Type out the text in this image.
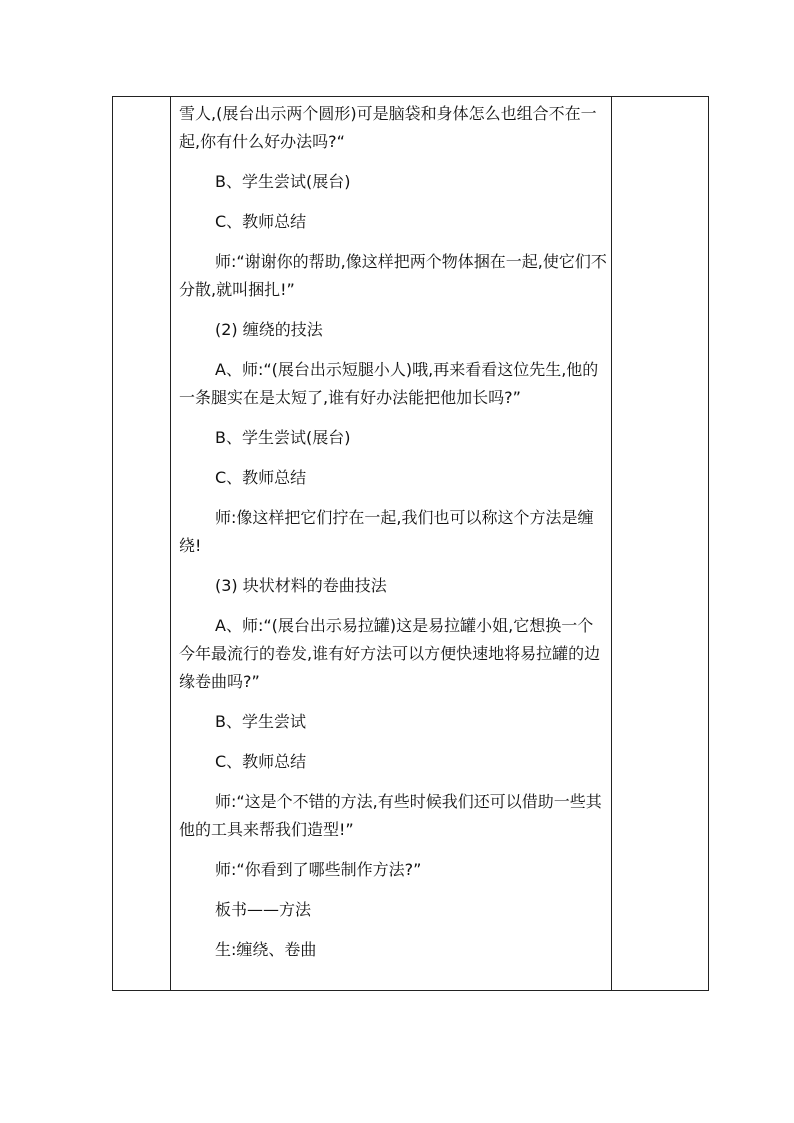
雪人,(展台出示两个圆形)可是脑袋和身体怎么也组合不在一起,你有什么好办法吗?“

B、学生尝试(展台)

C、教师总结

师:“谢谢你的帮助,像这样把两个物体捆在一起,使它们不分散,就叫捆扎!”

(2) 缠绕的技法

A、师:“(展台出示短腿小人)哦,再来看看这位先生,他的一条腿实在是太短了,谁有好办法能把他加长吗?”

B、学生尝试(展台)

C、教师总结

师:像这样把它们拧在一起,我们也可以称这个方法是缠绕!

(3) 块状材料的卷曲技法

A、师:“(展台出示易拉罐)这是易拉罐小姐,它想换一个今年最流行的卷发,谁有好方法可以方便快速地将易拉罐的边缘卷曲吗?”

B、学生尝试

C、教师总结

师:“这是个不错的方法,有些时候我们还可以借助一些其他的工具来帮我们造型!”

师:“你看到了哪些制作方法?”

板书——方法

生:缠绕、卷曲
